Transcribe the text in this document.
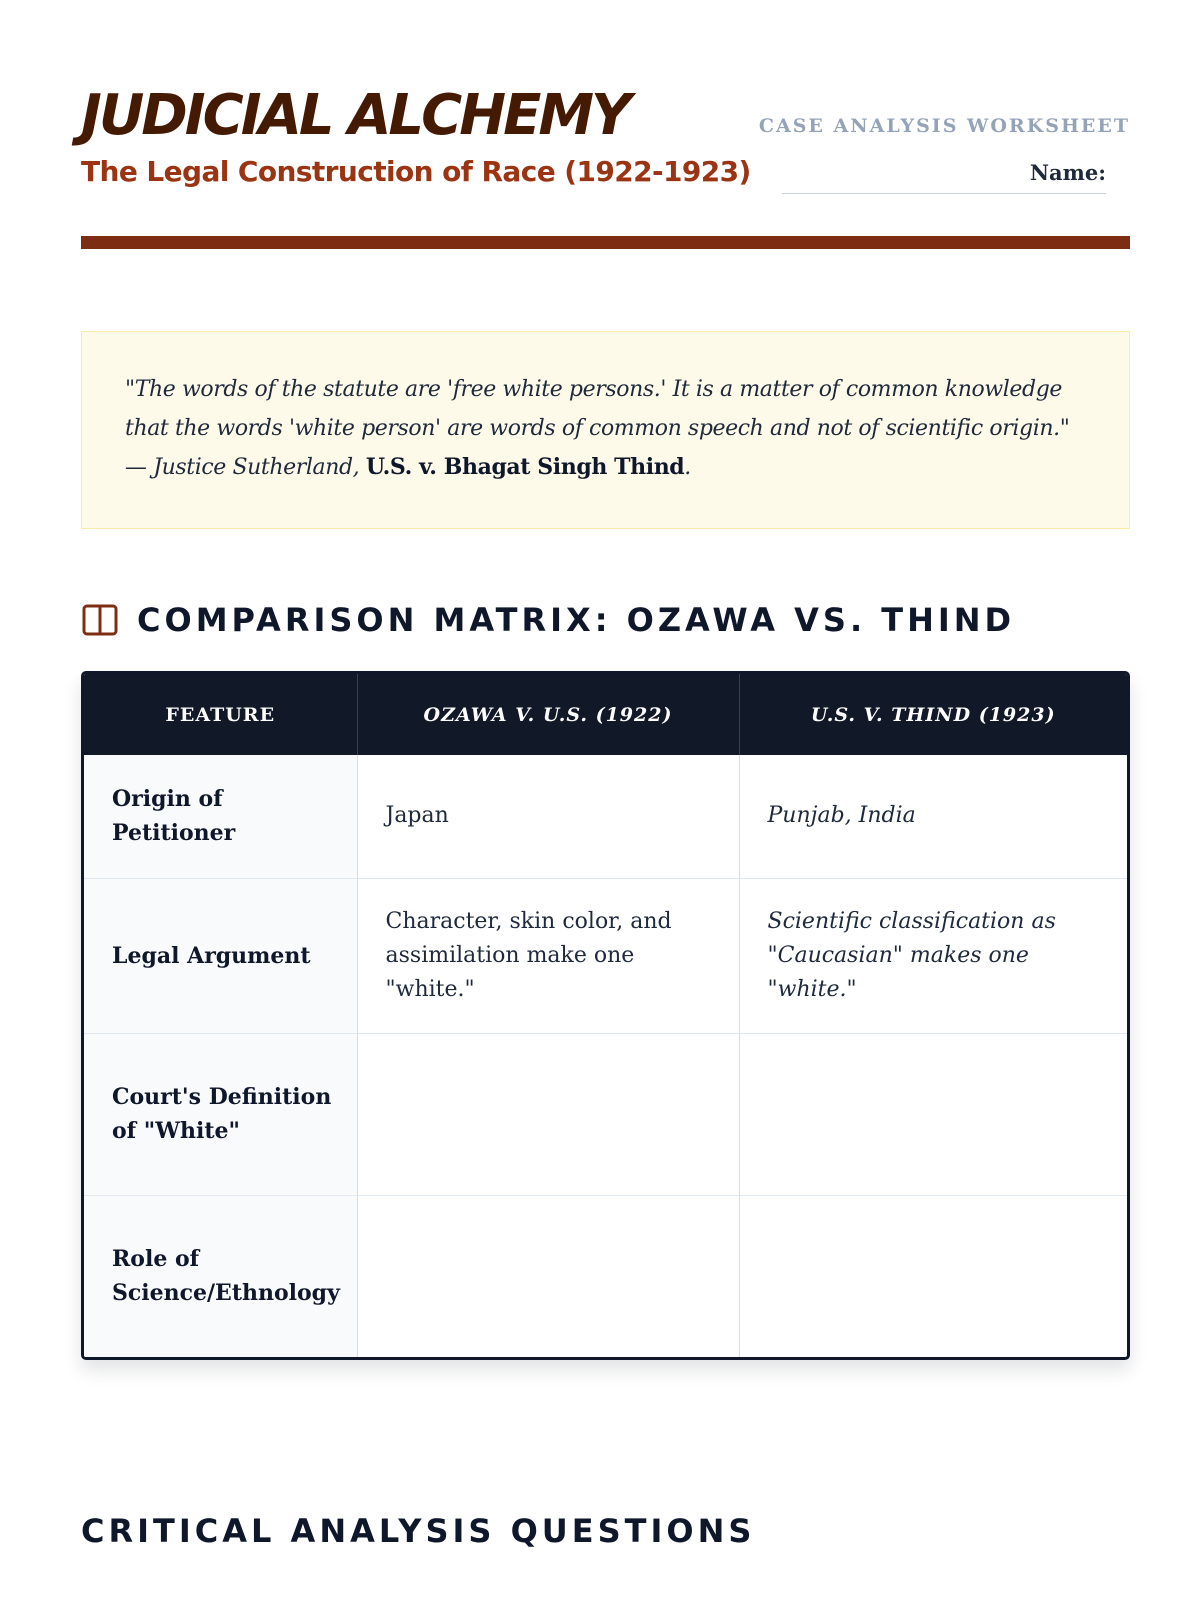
JUDICIAL ALCHEMY
The Legal Construction of Race (1922-1923)
CASE ANALYSIS WORKSHEET
Name:

"The words of the statute are 'free white persons.' It is a matter of common knowledge that the words 'white person' are words of common speech and not of scientific origin." — Justice Sutherland, U.S. v. Bhagat Singh Thind.

COMPARISON MATRIX: OZAWA VS. THIND
FEATURE	OZAWA V. U.S. (1922)	U.S. V. THIND (1923)
Origin of Petitioner	Japan	Punjab, India
Legal Argument	Character, skin color, and assimilation make one "white."	Scientific classification as "Caucasian" makes one "white."
Court's Definition of "White"		
Role of Science/Ethnology		
CRITICAL ANALYSIS QUESTIONS
